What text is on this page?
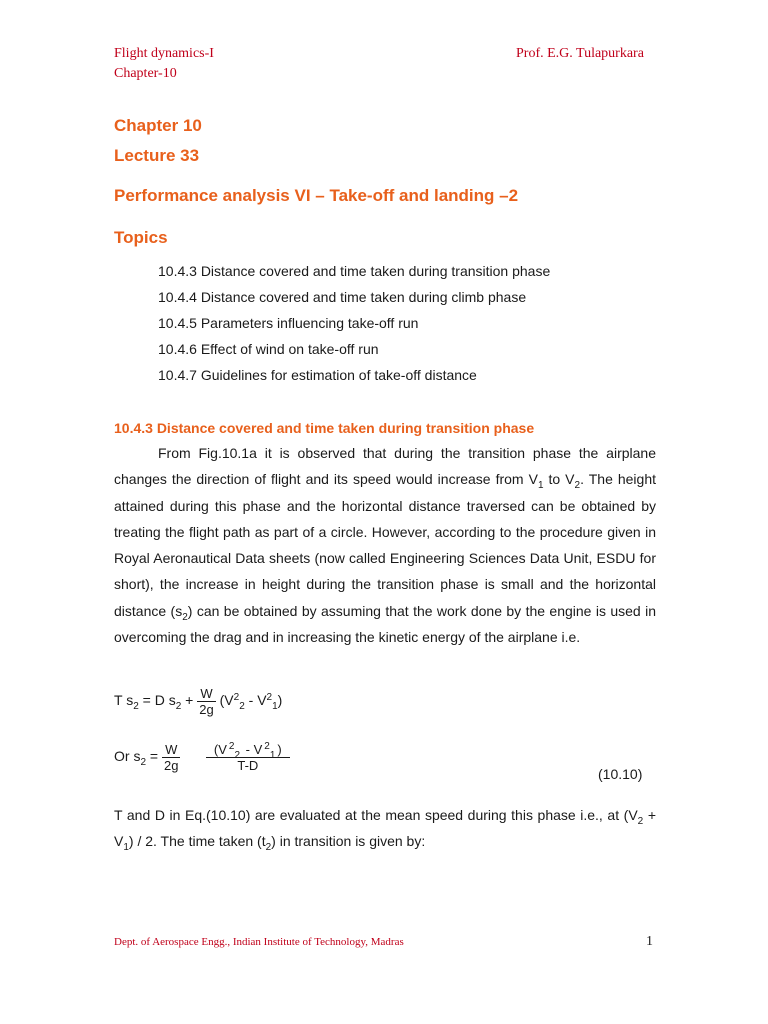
Flight dynamics-I
Chapter-10
Prof. E.G. Tulapurkara
Chapter 10
Lecture 33
Performance analysis VI – Take-off and landing –2
Topics
10.4.3 Distance covered and time taken during transition phase
10.4.4 Distance covered and time taken during climb phase
10.4.5 Parameters influencing take-off run
10.4.6 Effect of wind on take-off run
10.4.7 Guidelines for estimation of take-off distance
10.4.3 Distance covered and time taken during transition phase
From Fig.10.1a it is observed that during the transition phase the airplane changes the direction of flight and its speed would increase from $V_1$ to $V_2$. The height attained during this phase and the horizontal distance traversed can be obtained by treating the flight path as part of a circle. However, according to the procedure given in Royal Aeronautical Data sheets (now called Engineering Sciences Data Unit, ESDU for short), the increase in height during the transition phase is small and the horizontal distance $(s_2)$ can be obtained by assuming that the work done by the engine is used in overcoming the drag and in increasing the kinetic energy of the airplane i.e.
T $s_2 = D$ $s_2 + \frac{W}{2g} (V^2_2 - V^2_1)$
Or $s_2 = \frac{W}{2g}$
$\frac{(V ^2_2 - V ^2_1 )}{T-D}$
(10.10)
T and D in Eq.(10.10) are evaluated at the mean speed during this phase i.e., at $(V_2 + V_1) / 2$. The time taken $(t_2)$ in transition is given by:
Dept. of Aerospace Engg., Indian Institute of Technology, Madras	1
